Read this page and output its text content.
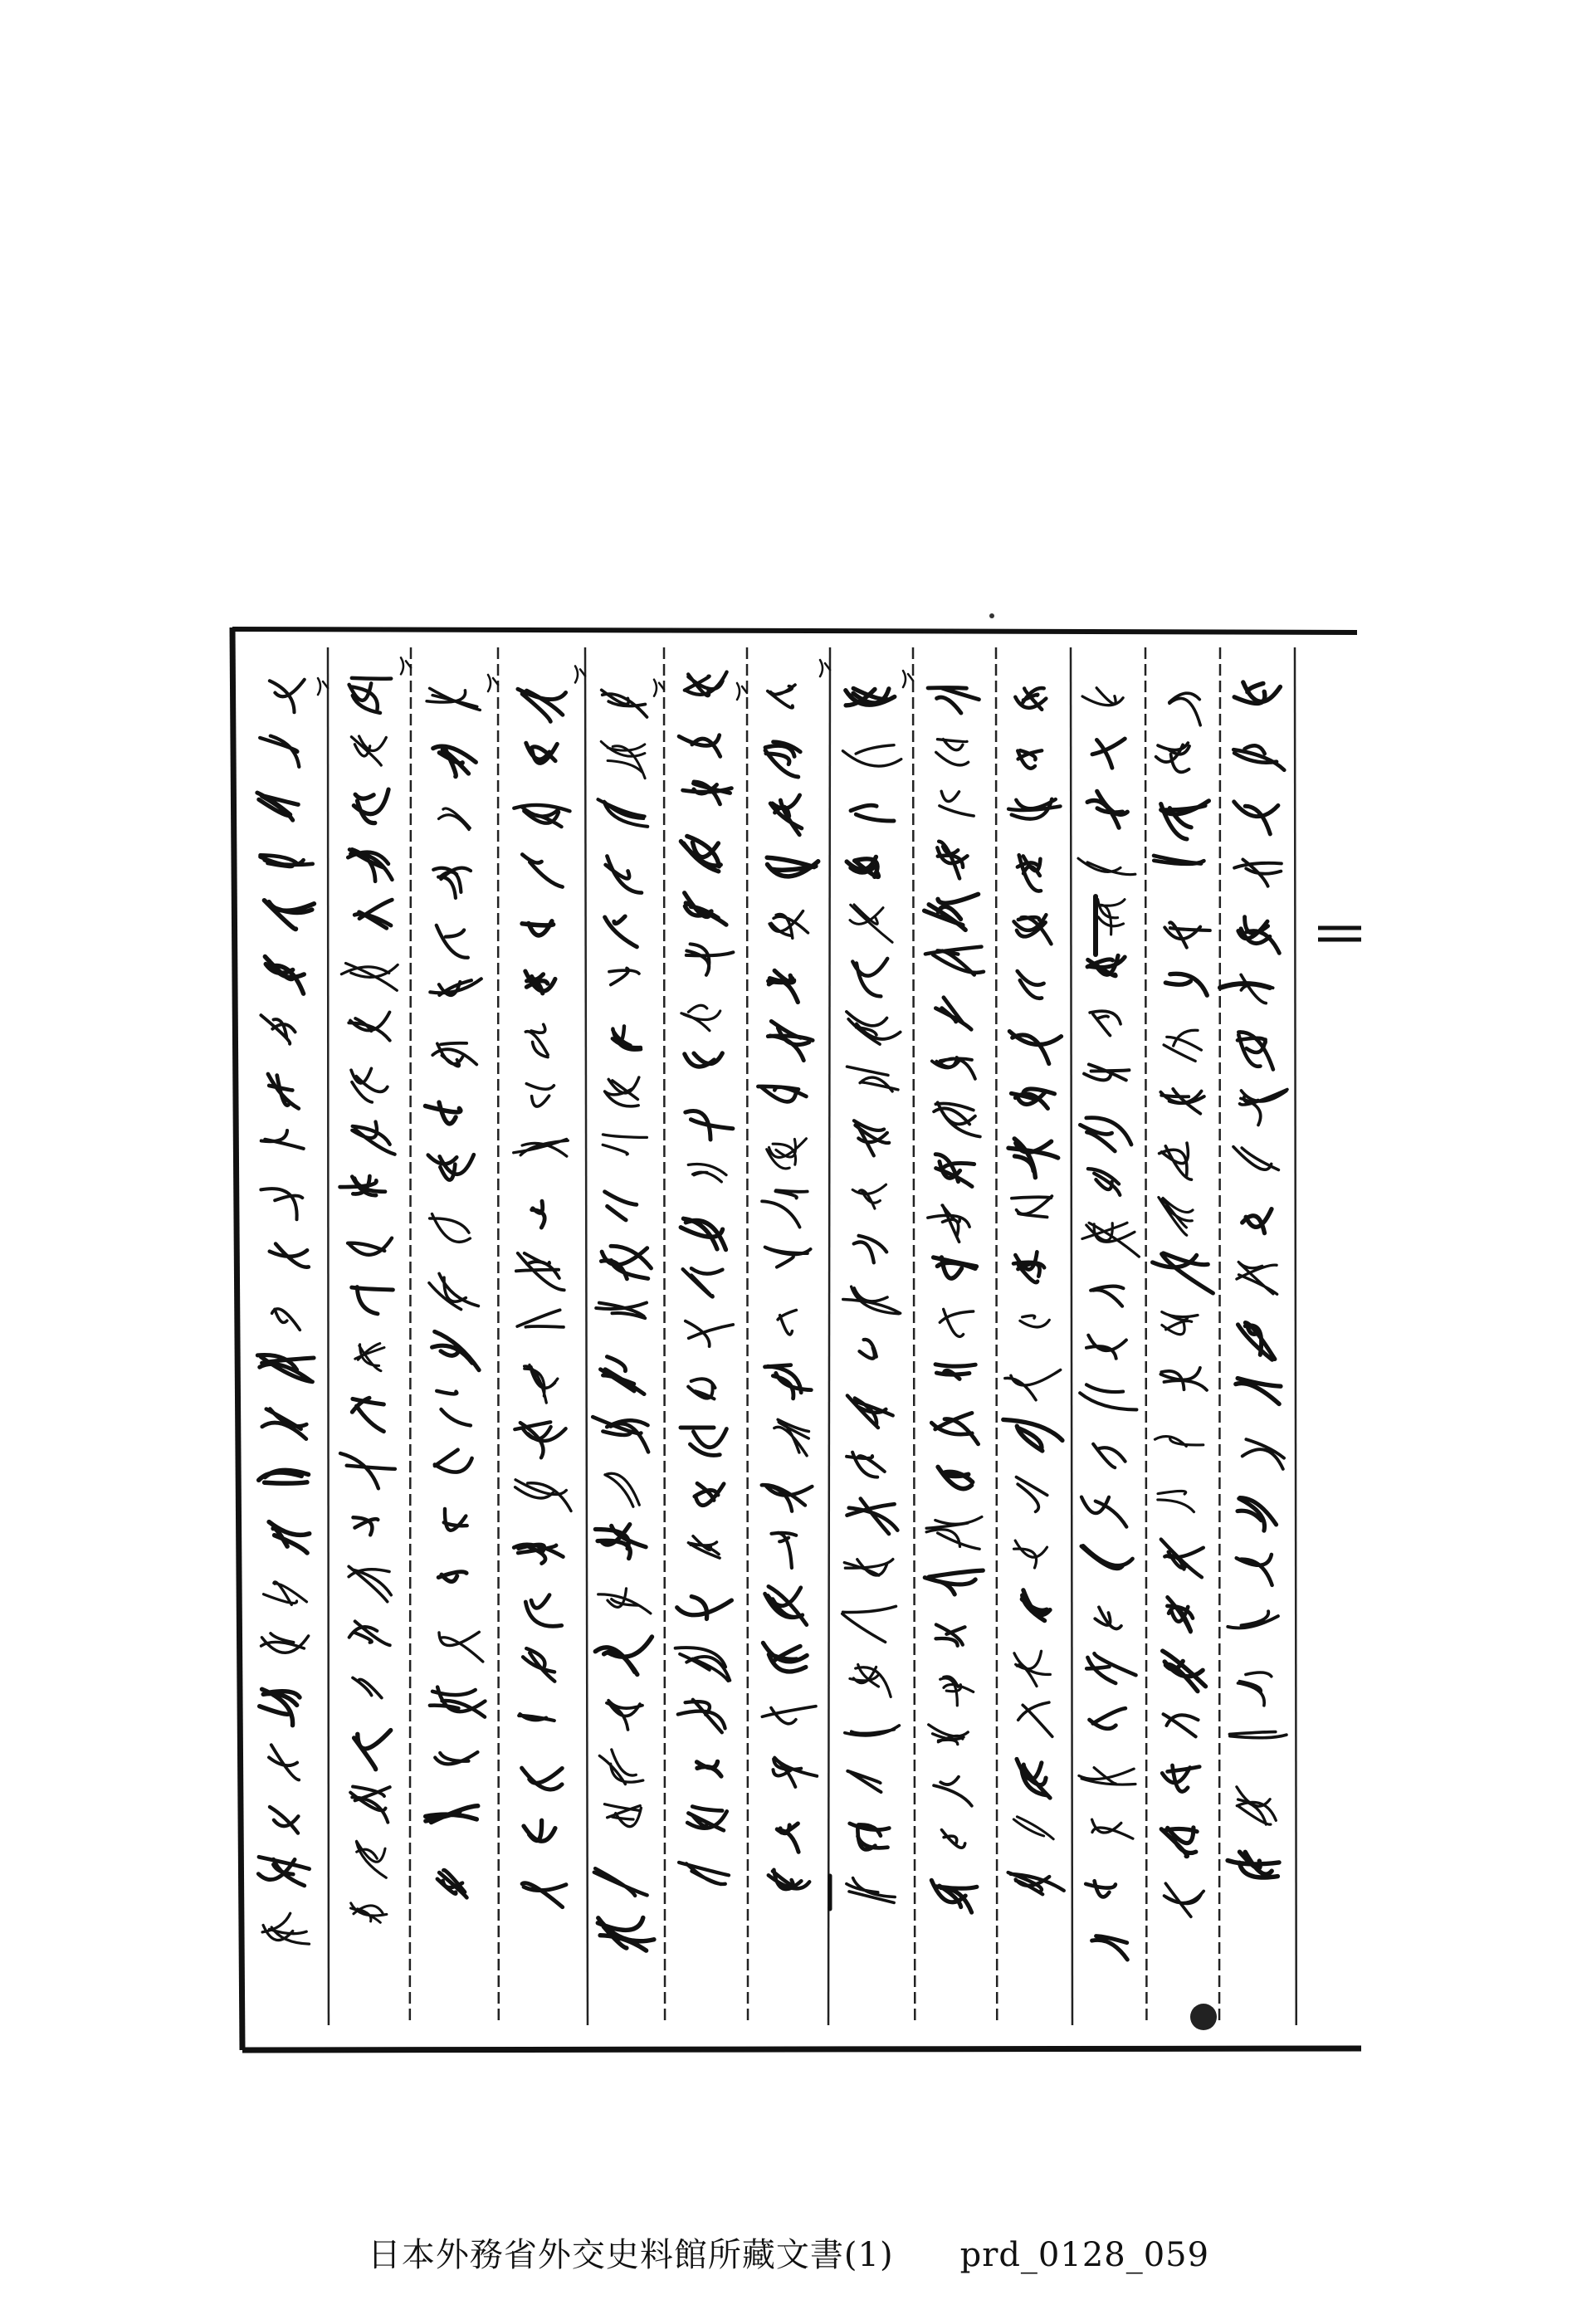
日本外務省外交史料館所藏文書(1) prd_0128_059
